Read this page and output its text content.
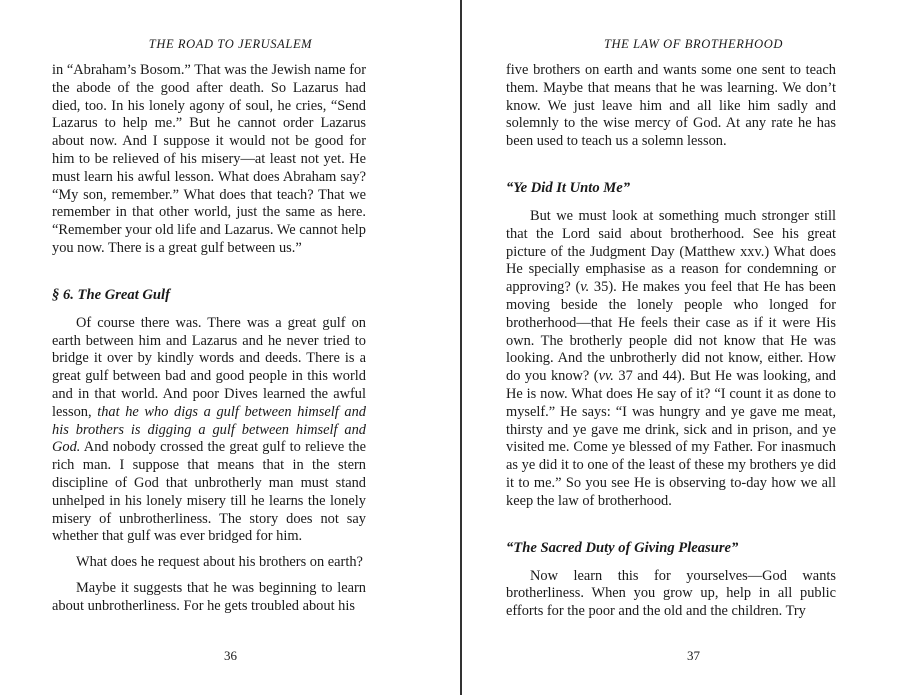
THE ROAD TO JERUSALEM

in “Abraham’s Bosom.” That was the Jewish name for the abode of the good after death. So Lazarus had died, too. In his lonely agony of soul, he cries, “Send Lazarus to help me.” But he cannot order Lazarus about now. And I suppose it would not be good for him to be relieved of his misery—at least not yet. He must learn his awful lesson. What does Abraham say? “My son, remember.” What does that teach? That we remember in that other world, just the same as here. “Remember your old life and Lazarus. We cannot help you now. There is a great gulf between us.”

§ 6. The Great Gulf

Of course there was. There was a great gulf on earth between him and Lazarus and he never tried to bridge it over by kindly words and deeds. There is a great gulf between bad and good people in this world and in that world. And poor Dives learned the awful lesson, that he who digs a gulf between himself and his brothers is digging a gulf between himself and God. And nobody crossed the great gulf to relieve the rich man. I suppose that means that in the stern discipline of God that unbrotherly man must stand unhelped in his lonely misery till he learns the lonely misery of unbrotherliness. The story does not say whether that gulf was ever bridged for him.

What does he request about his brothers on earth?

Maybe it suggests that he was beginning to learn about unbrotherliness. For he gets troubled about his

36
THE LAW OF BROTHERHOOD

five brothers on earth and wants some one sent to teach them. Maybe that means that he was learning. We don’t know. We just leave him and all like him sadly and solemnly to the wise mercy of God. At any rate he has been used to teach us a solemn lesson.

“Ye Did It Unto Me”

But we must look at something much stronger still that the Lord said about brotherhood. See his great picture of the Judgment Day (Matthew xxv.) What does He specially emphasise as a reason for condemning or approving? (v. 35). He makes you feel that He has been moving beside the lonely people who longed for brotherhood—that He feels their case as if it were His own. The brotherly people did not know that He was looking. And the unbrotherly did not know, either. How do you know? (vv. 37 and 44). But He was looking, and He is now. What does He say of it? “I count it as done to myself.” He says: “I was hungry and ye gave me meat, thirsty and ye gave me drink, sick and in prison, and ye visited me. Come ye blessed of my Father. For inasmuch as ye did it to one of the least of these my brothers ye did it to me.” So you see He is observing to-day how we all keep the law of brotherhood.

“The Sacred Duty of Giving Pleasure”

Now learn this for yourselves—God wants brotherliness. When you grow up, help in all public efforts for the poor and the old and the children. Try

37
